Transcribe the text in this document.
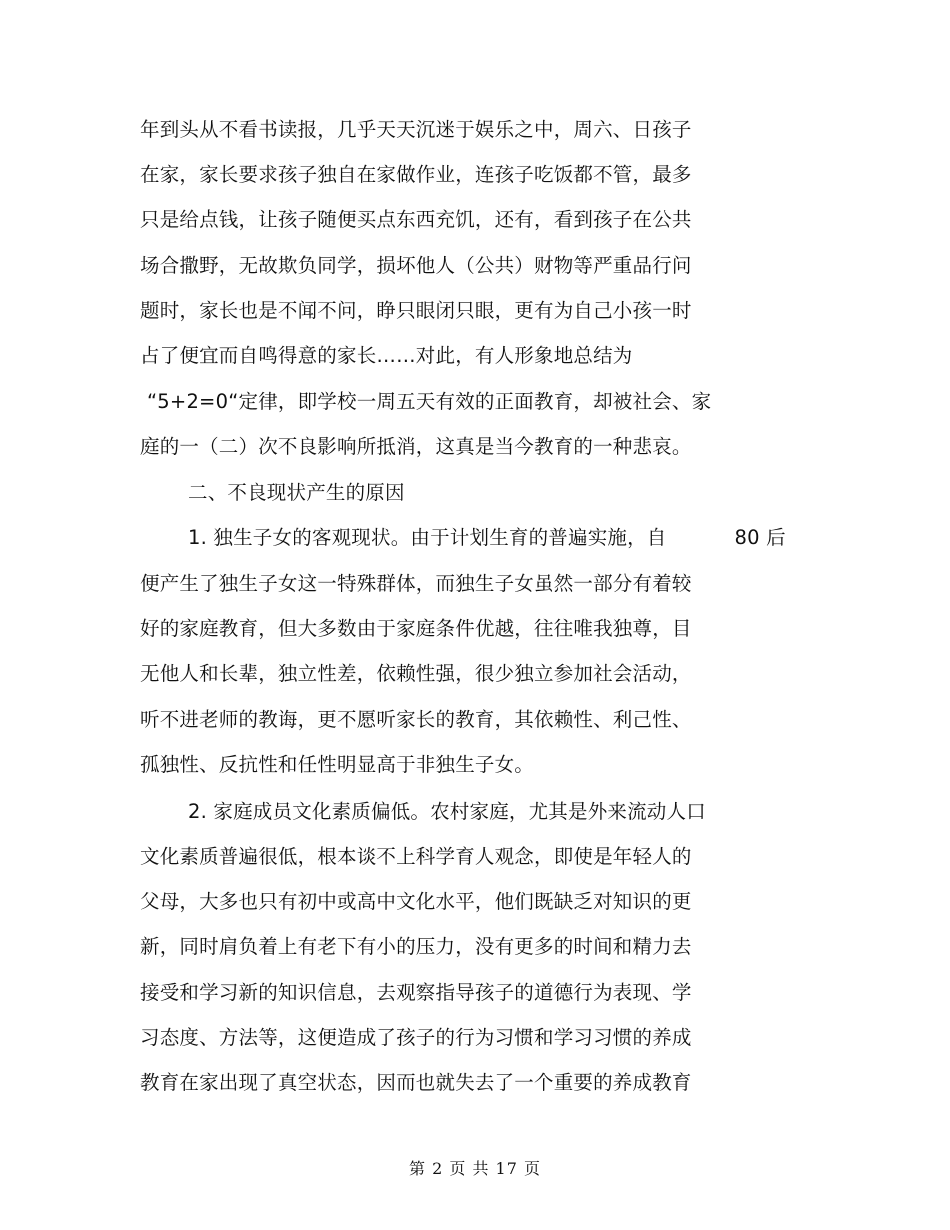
年到头从不看书读报，几乎天天沉迷于娱乐之中，周六、日孩子
在家，家长要求孩子独自在家做作业，连孩子吃饭都不管，最多
只是给点钱，让孩子随便买点东西充饥，还有，看到孩子在公共
场合撒野，无故欺负同学，损坏他人（公共）财物等严重品行问
题时，家长也是不闻不问，睁只眼闭只眼，更有为自己小孩一时
占了便宜而自鸣得意的家长……对此，有人形象地总结为
“5+2=0“定律，即学校一周五天有效的正面教育，却被社会、家
庭的一（二）次不良影响所抵消，这真是当今教育的一种悲哀。
二、不良现状产生的原因
1. 独生子女的客观现状。由于计划生育的普遍实施，自	80 后
便产生了独生子女这一特殊群体，而独生子女虽然一部分有着较
好的家庭教育，但大多数由于家庭条件优越，往往唯我独尊，目
无他人和长辈，独立性差，依赖性强，很少独立参加社会活动，
听不进老师的教诲，更不愿听家长的教育，其依赖性、利己性、
孤独性、反抗性和任性明显高于非独生子女。
2. 家庭成员文化素质偏低。农村家庭，尤其是外来流动人口
文化素质普遍很低，根本谈不上科学育人观念，即使是年轻人的
父母，大多也只有初中或高中文化水平，他们既缺乏对知识的更
新，同时肩负着上有老下有小的压力，没有更多的时间和精力去
接受和学习新的知识信息，去观察指导孩子的道德行为表现、学
习态度、方法等，这便造成了孩子的行为习惯和学习习惯的养成
教育在家出现了真空状态，因而也就失去了一个重要的养成教育
第 2 页 共 17 页
